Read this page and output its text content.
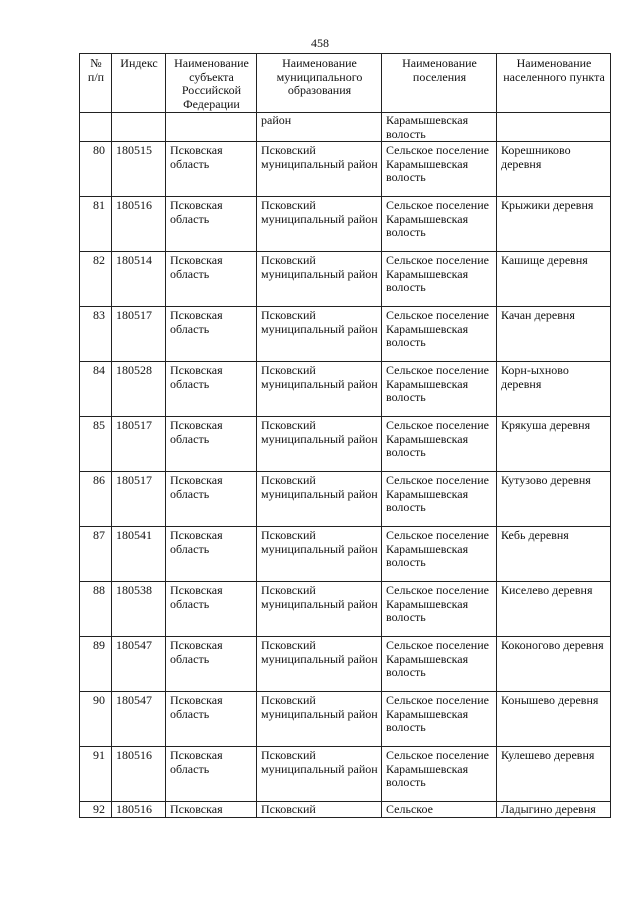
458
№ п/п	Индекс	Наименование субъекта Российской Федерации	Наименование муниципального образования	Наименование поселения	Наименование населенного пункта
			район	Карамышевская волость	
80	180515	Псковская область	Псковский муниципальный район	Сельское поселение Карамышевская волость	Корешниково деревня
81	180516	Псковская область	Псковский муниципальный район	Сельское поселение Карамышевская волость	Крыжики деревня
82	180514	Псковская область	Псковский муниципальный район	Сельское поселение Карамышевская волость	Кашище деревня
83	180517	Псковская область	Псковский муниципальный район	Сельское поселение Карамышевская волость	Качан деревня
84	180528	Псковская область	Псковский муниципальный район	Сельское поселение Карамышевская волость	Корн-ыхново деревня
85	180517	Псковская область	Псковский муниципальный район	Сельское поселение Карамышевская волость	Крякуша деревня
86	180517	Псковская область	Псковский муниципальный район	Сельское поселение Карамышевская волость	Кутузово деревня
87	180541	Псковская область	Псковский муниципальный район	Сельское поселение Карамышевская волость	Кебь деревня
88	180538	Псковская область	Псковский муниципальный район	Сельское поселение Карамышевская волость	Киселево деревня
89	180547	Псковская область	Псковский муниципальный район	Сельское поселение Карамышевская волость	Коконогово деревня
90	180547	Псковская область	Псковский муниципальный район	Сельское поселение Карамышевская волость	Конышево деревня
91	180516	Псковская область	Псковский муниципальный район	Сельское поселение Карамышевская волость	Кулешево деревня
92	180516	Псковская	Псковский	Сельское	Ладыгино деревня
